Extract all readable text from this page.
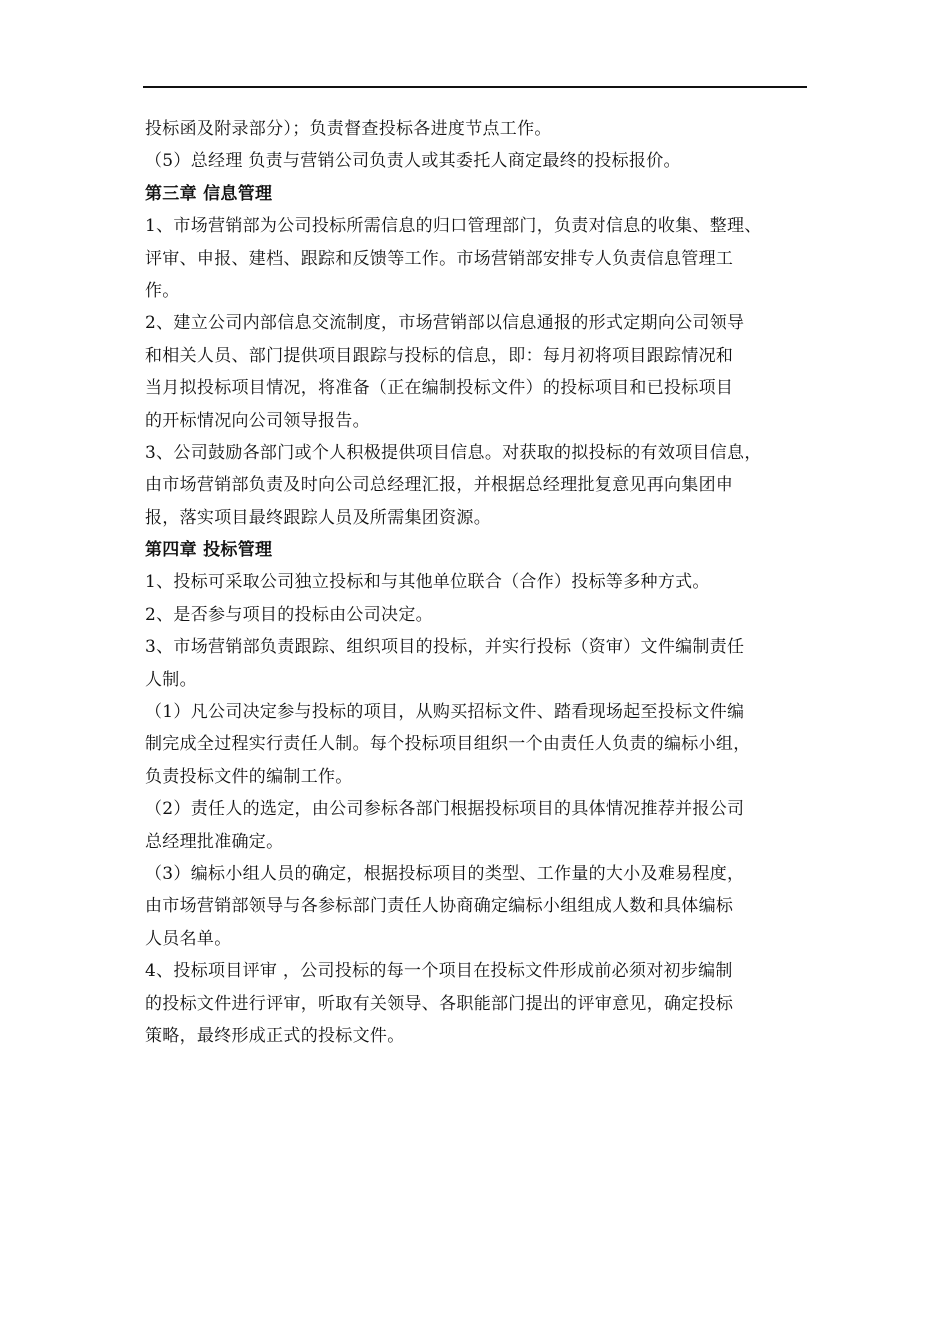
投标函及附录部分）；负责督查投标各进度节点工作。
（5）总经理 负责与营销公司负责人或其委托人商定最终的投标报价。
第三章 信息管理
1、市场营销部为公司投标所需信息的归口管理部门，负责对信息的收集、整理、
评审、申报、建档、跟踪和反馈等工作。市场营销部安排专人负责信息管理工
作。
2、建立公司内部信息交流制度，市场营销部以信息通报的形式定期向公司领导
和相关人员、部门提供项目跟踪与投标的信息，即：每月初将项目跟踪情况和
当月拟投标项目情况，将准备（正在编制投标文件）的投标项目和已投标项目
的开标情况向公司领导报告。
3、公司鼓励各部门或个人积极提供项目信息。对获取的拟投标的有效项目信息，
由市场营销部负责及时向公司总经理汇报，并根据总经理批复意见再向集团申
报，落实项目最终跟踪人员及所需集团资源。
第四章 投标管理
1、投标可采取公司独立投标和与其他单位联合（合作）投标等多种方式。
2、是否参与项目的投标由公司决定。
3、市场营销部负责跟踪、组织项目的投标，并实行投标（资审）文件编制责任
人制。
（1）凡公司决定参与投标的项目，从购买招标文件、踏看现场起至投标文件编
制完成全过程实行责任人制。每个投标项目组织一个由责任人负责的编标小组，
负责投标文件的编制工作。
（2）责任人的选定，由公司参标各部门根据投标项目的具体情况推荐并报公司
总经理批准确定。
（3）编标小组人员的确定，根据投标项目的类型、工作量的大小及难易程度，
由市场营销部领导与各参标部门责任人协商确定编标小组组成人数和具体编标
人员名单。
4、投标项目评审 ，公司投标的每一个项目在投标文件形成前必须对初步编制
的投标文件进行评审，听取有关领导、各职能部门提出的评审意见，确定投标
策略，最终形成正式的投标文件。
